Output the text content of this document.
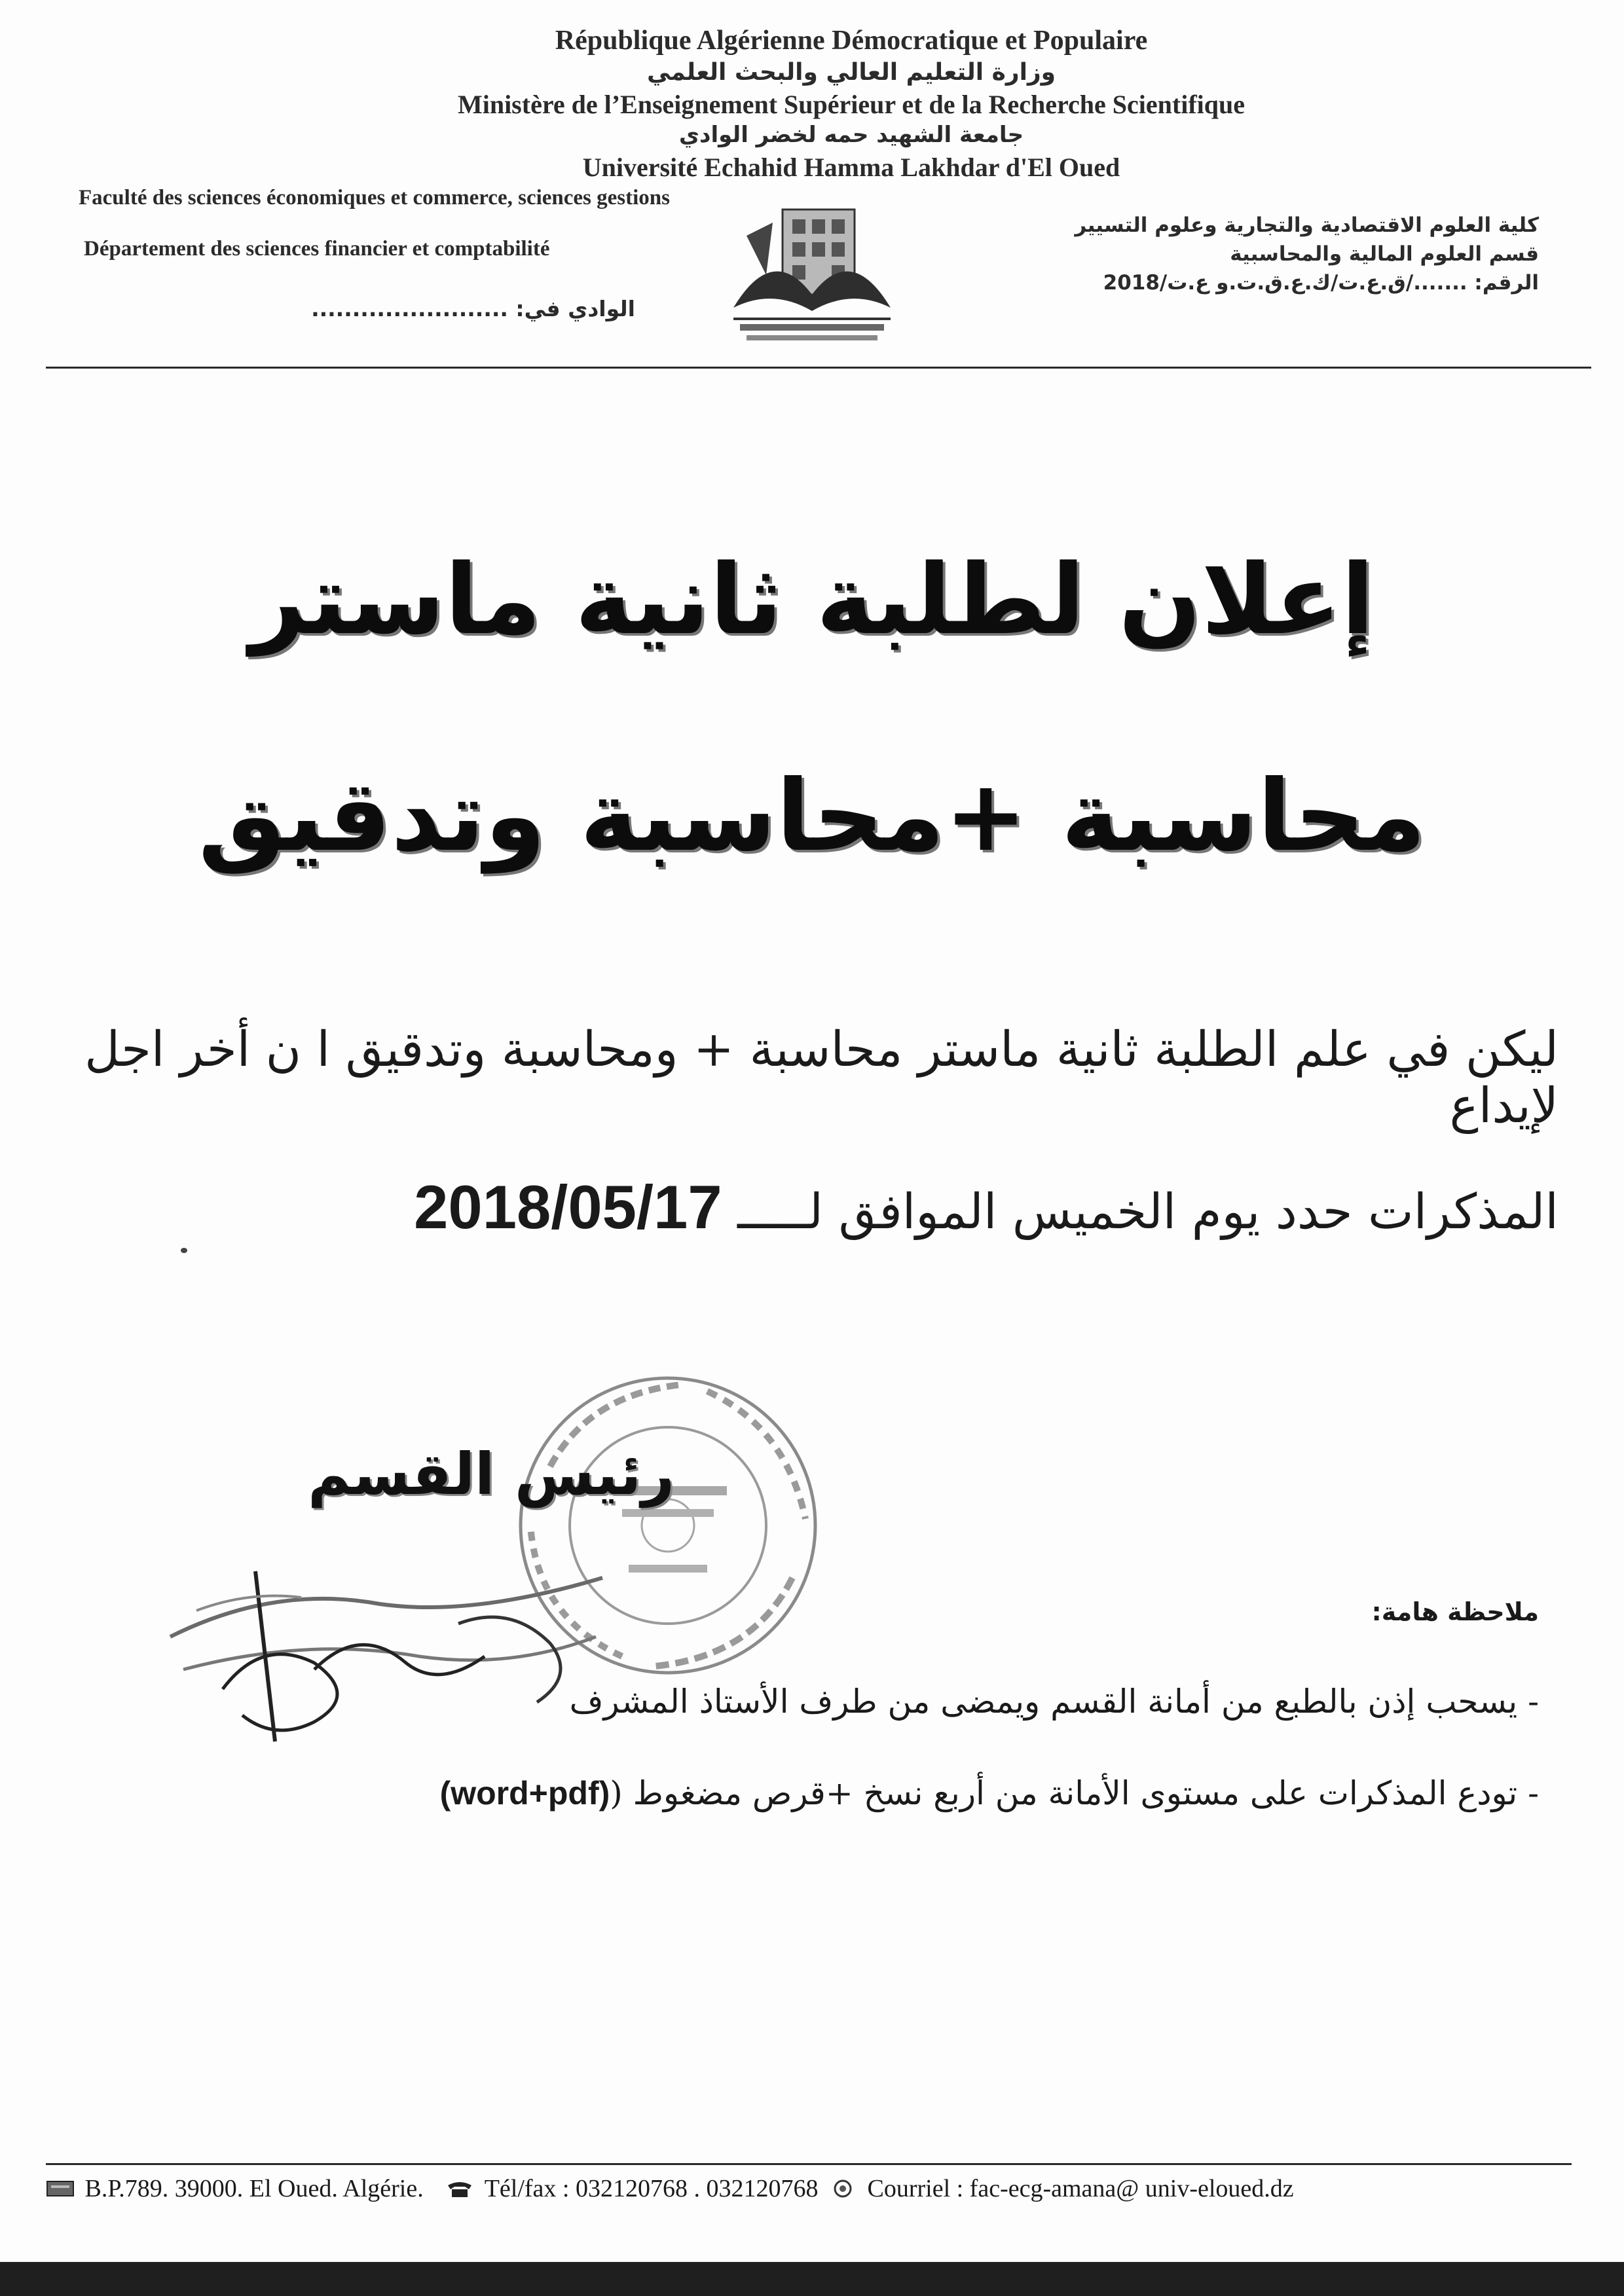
République Algérienne Démocratique et Populaire
وزارة التعليم العالي والبحث العلمي
Ministère de l’Enseignement Supérieur et de la Recherche Scientifique
جامعة الشهيد حمه لخضر الوادي
Université Echahid Hamma Lakhdar d'El Oued
Faculté des sciences économiques et commerce, sciences gestions
Département des sciences financier et comptabilité
الوادي في: ........................
كلية العلوم الاقتصادية والتجارية وعلوم التسيير
قسم العلوم المالية والمحاسبية
الرقم: ......./ق.ع.ت/ك.ع.ق.ت.و ع.ت/2018
إعلان لطلبة ثانية ماستر
محاسبة +محاسبة وتدقيق
ليكن في علم الطلبة ثانية ماستر محاسبة + ومحاسبة وتدقيق ا ن أخر اجل لإيداع
المذكرات حدد يوم الخميس الموافق لـــــ 2018/05/17
رئيس القسم
ملاحظة هامة:
- يسحب إذن بالطبع من أمانة القسم ويمضى من طرف الأستاذ المشرف
- تودع المذكرات على مستوى الأمانة من أربع نسخ +قرص مضغوط ((word+pdf)
B.P.789. 39000. El Oued. Algérie. Tél/fax : 032120768 . 032120768 Courriel : fac-ecg-amana@ univ-eloued.dz
